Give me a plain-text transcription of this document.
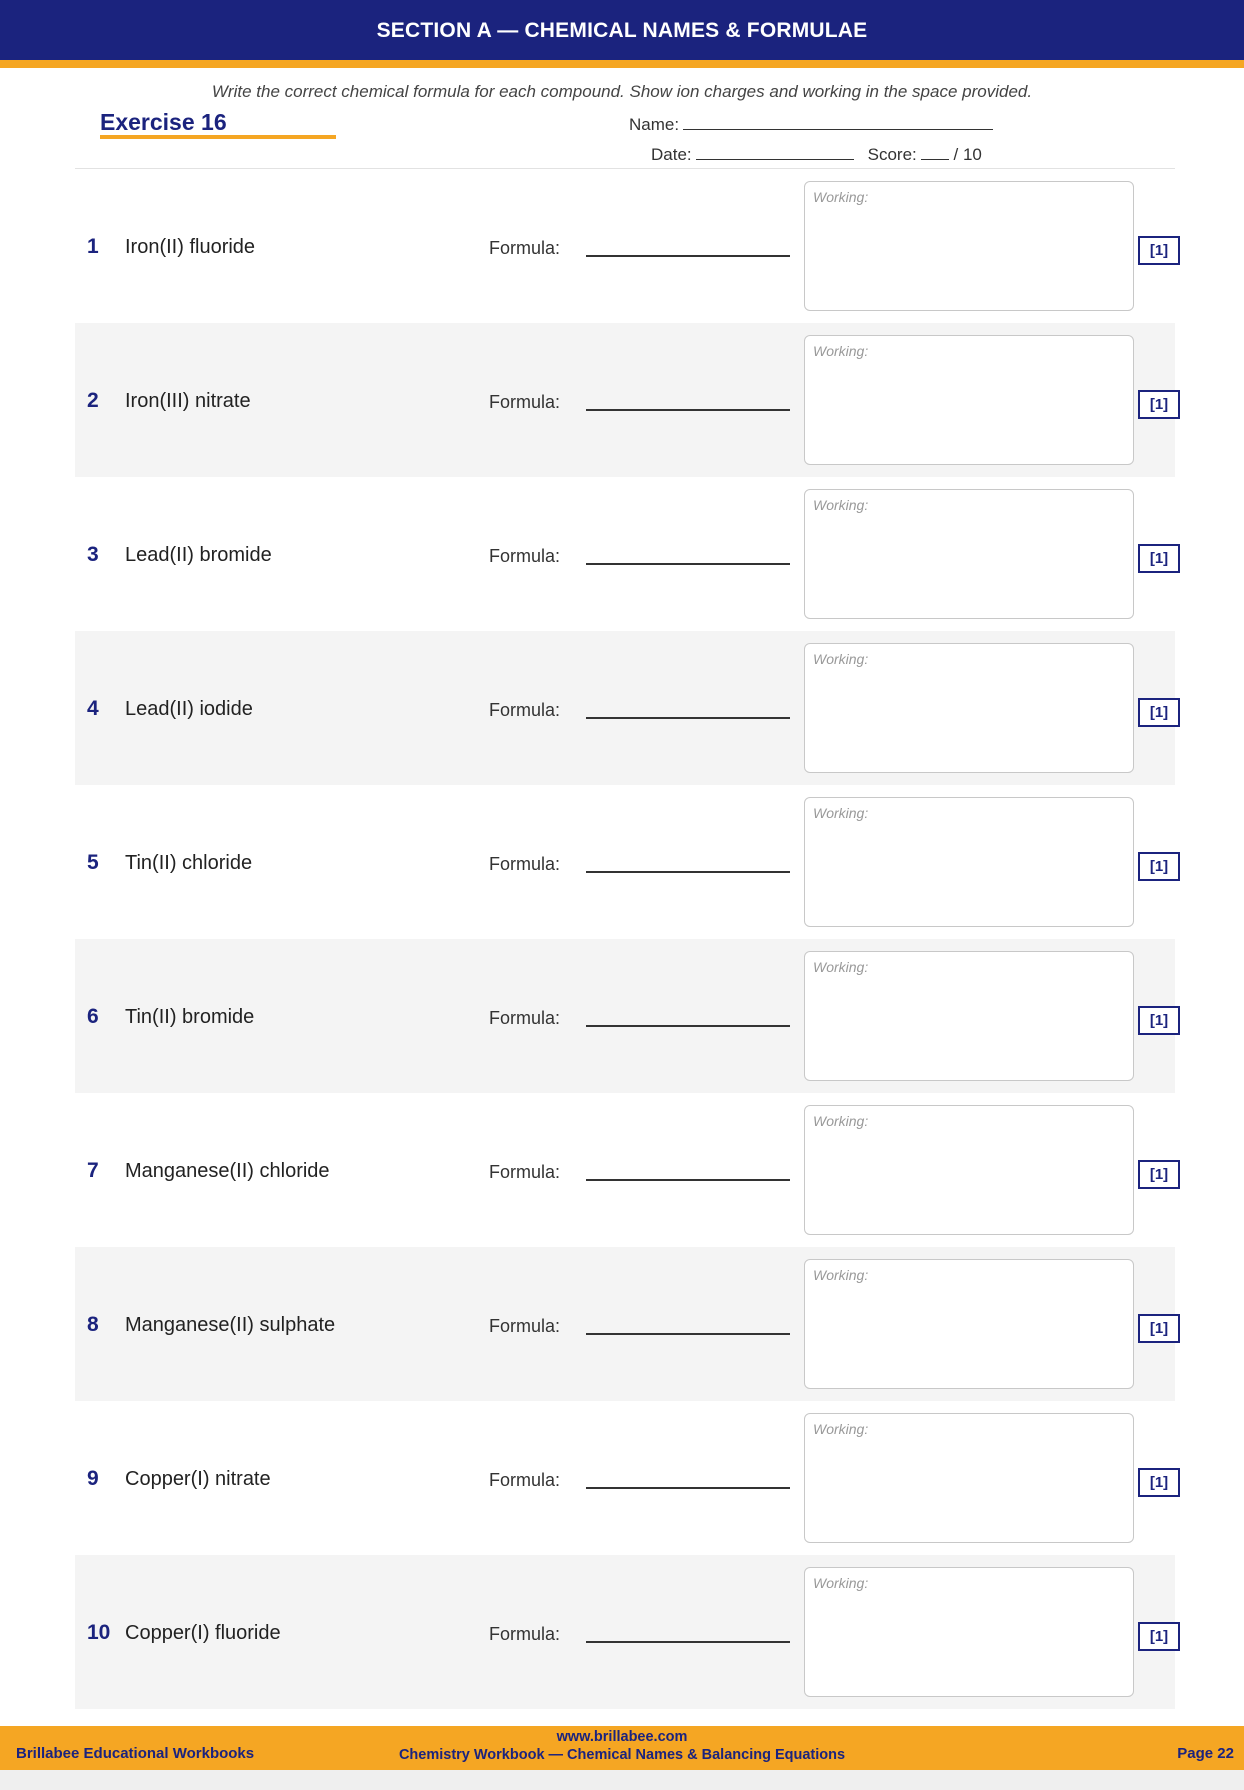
SECTION A — CHEMICAL NAMES & FORMULAE
Write the correct chemical formula for each compound. Show ion charges and working in the space provided.
Exercise 16	Name:
Date:	Score: / 10
1 Iron(II) fluoride	Formula:
Working:
[1]
2 Iron(III) nitrate	Formula:
Working:
[1]
3 Lead(II) bromide	Formula:
Working:
[1]
4 Lead(II) iodide	Formula:
Working:
[1]
5 Tin(II) chloride	Formula:
Working:
[1]
6 Tin(II) bromide	Formula:
Working:
[1]
7 Manganese(II) chloride	Formula:
Working:
[1]
8 Manganese(II) sulphate	Formula:
Working:
[1]
9 Copper(I) nitrate	Formula:
Working:
[1]
10 Copper(I) fluoride	Formula:
Working:
[1]
Brillabee Educational Workbooks
www.brillabee.com
Chemistry Workbook — Chemical Names & Balancing Equations	Page 22
